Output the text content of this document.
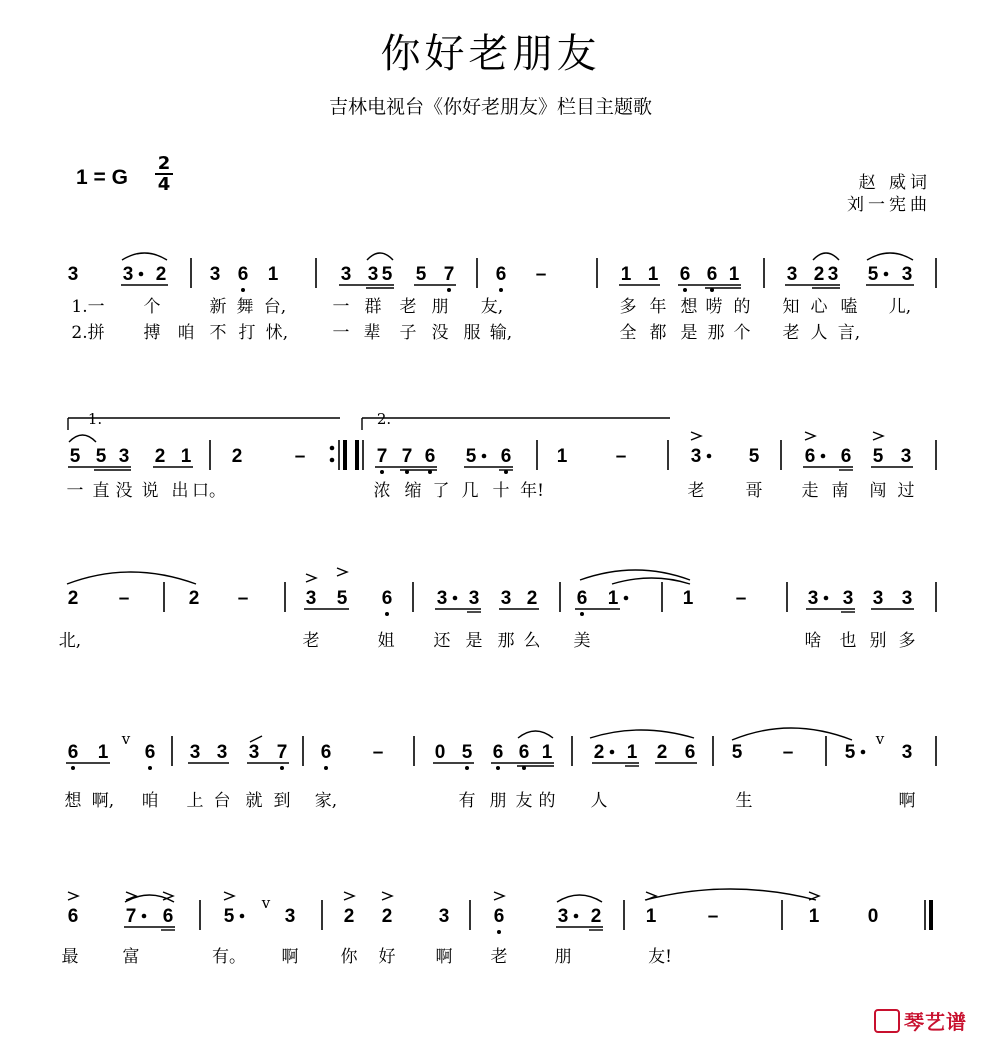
你好老朋友
吉林电视台《你好老朋友》栏目主题歌
1 = G
2
4	赵 威词
刘一宪曲
3 3 2 3 6 1	3 3 5 5 7 6 –	1 1 6 6 1 3 2 3 5 3
1.一 个	新 舞 台,	一 群 老 朋 友,	多 年 想 唠 的 知 心 嗑 儿,
2.拼 搏 咱 不 打 怵,	一 辈 子 没 服 输,	全 都 是 那 个 老 人 言,
1.	2.
5 5 3 2 1 2	–	7 7 6 5 6 1	–	3 5 6 6 5 3
一 直 没 说 出 口。	浓 缩 了 几 十 年!	老 哥 走 南 闯 过
2 –	2 –	3 5 6 3 3 3 2 6 1	1 –	3 3 3 3
北,	老	姐 还 是 那 么 美	啥 也 别 多
6 1 6 3 3 3 7 6 –	0 5 6 6 1 2 1 2 6 5 –	5 3
v	v
想 啊, 咱 上 台 就 到 家,	有 朋 友 的 人	生	啊
6 7 6	5	3	2 2 3 6	3 2 1	–	1	0
v
最	富	有。 啊 你 好 啊 老	朋	友!
琴艺谱
